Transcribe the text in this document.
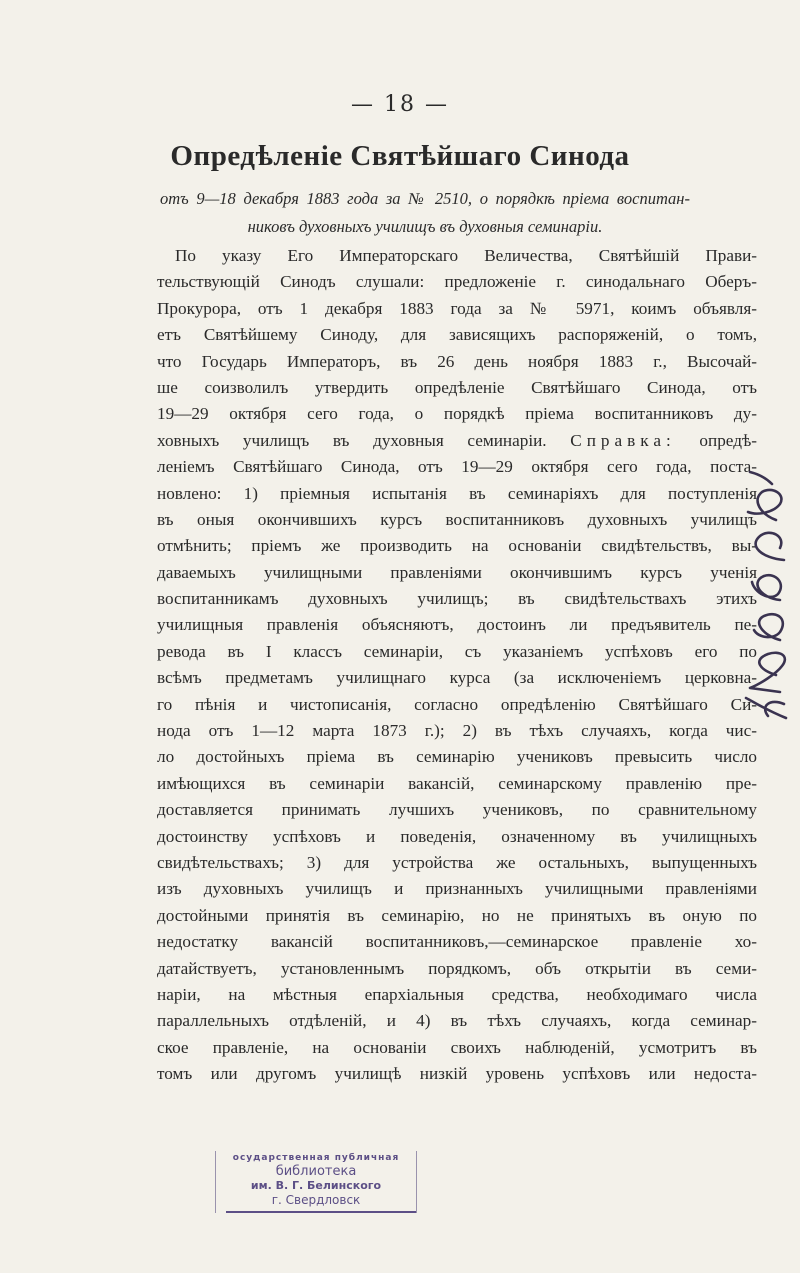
— 18 —
Опредѣленіе Святѣйшаго Синода
отъ 9—18 декабря 1883 года за № 2510, о порядкѣ пріема воспитан-
никовъ духовныхъ училищъ въ духовныя семинаріи.
По указу Его Императорскаго Величества, Святѣйшій Прави-
тельствующій Синодъ слушали: предложеніе г. синодальнаго Оберъ-
Прокурора, отъ 1 декабря 1883 года за № 5971, коимъ объявля-
етъ Святѣйшему Синоду, для зависящихъ распоряженій, о томъ,
что Государь Императоръ, въ 26 день ноября 1883 г., Высочай-
ше соизволилъ утвердить опредѣленіе Святѣйшаго Синода, отъ
19—29 октября сего года, о порядкѣ пріема воспитанниковъ ду-
ховныхъ училищъ въ духовныя семинаріи. Справка: опредѣ-
леніемъ Святѣйшаго Синода, отъ 19—29 октября сего года, поста-
новлено: 1) пріемныя испытанія въ семинаріяхъ для поступленія
въ оныя окончившихъ курсъ воспитанниковъ духовныхъ училищъ
отмѣнить; пріемъ же производить на основаніи свидѣтельствъ, вы-
даваемыхъ училищными правленіями окончившимъ курсъ ученія
воспитанникамъ духовныхъ училищъ; въ свидѣтельствахъ этихъ
училищныя правленія объясняютъ, достоинъ ли предъявитель пе-
ревода въ I классъ семинаріи, съ указаніемъ успѣховъ его по
всѣмъ предметамъ училищнаго курса (за исключеніемъ церковна-
го пѣнія и чистописанія, согласно опредѣленію Святѣйшаго Си-
нода отъ 1—12 марта 1873 г.); 2) въ тѣхъ случаяхъ, когда чис-
ло достойныхъ пріема въ семинарію учениковъ превысить число
имѣющихся въ семинаріи вакансій, семинарскому правленію пре-
доставляется принимать лучшихъ учениковъ, по сравнительному
достоинству успѣховъ и поведенія, означенному въ училищныхъ
свидѣтельствахъ; 3) для устройства же остальныхъ, выпущенныхъ
изъ духовныхъ училищъ и признанныхъ училищными правленіями
достойными принятія въ семинарію, но не принятыхъ въ оную по
недостатку вакансій воспитанниковъ,—семинарское правленіе хо-
датайствуетъ, установленнымъ порядкомъ, объ открытіи въ семи-
наріи, на мѣстныя епархіальныя средства, необходимаго числа
параллельныхъ отдѣленій, и 4) въ тѣхъ случаяхъ, когда семинар-
ское правленіе, на основаніи своихъ наблюденій, усмотритъ въ
томъ или другомъ училищѣ низкій уровень успѣховъ или недоста-
осударственная публичная
библиотека
им. В. Г. Белинского
г. Свердловск
